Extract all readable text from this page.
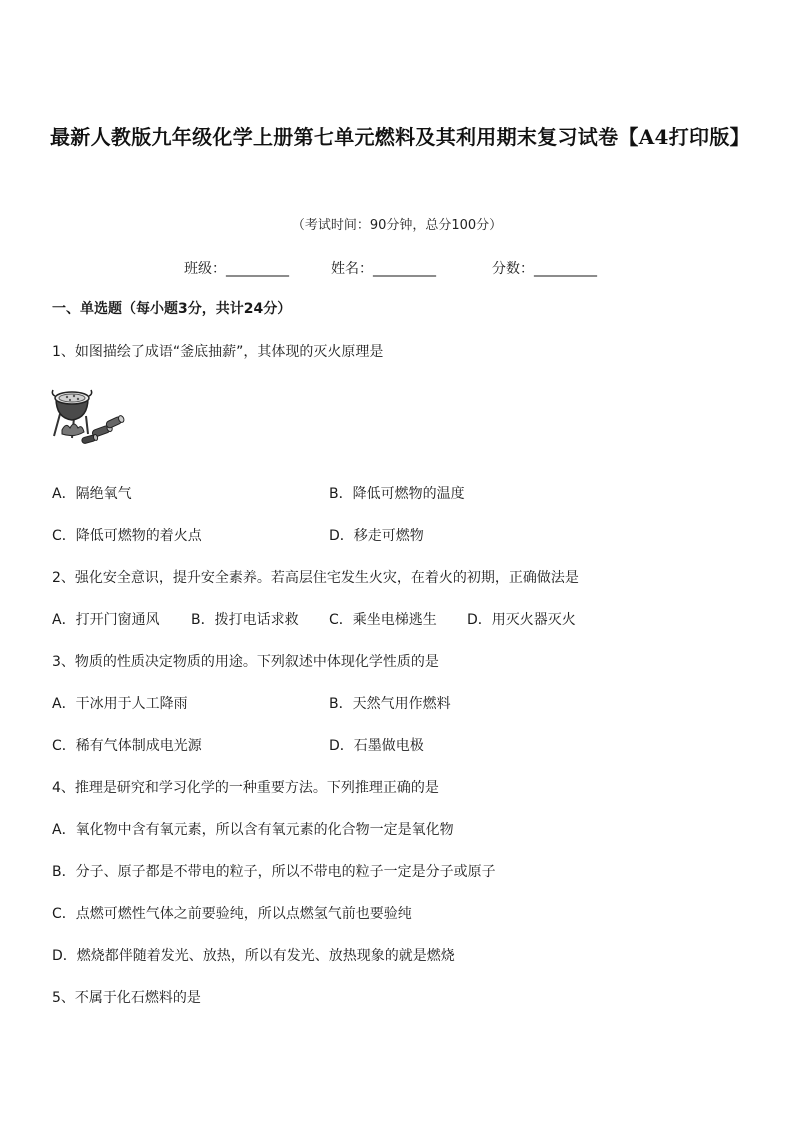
最新人教版九年级化学上册第七单元燃料及其利用期末复习试卷【A4打印版】
（考试时间：90分钟，总分100分）
班级：_________	姓名：_________	分数：_________
一、单选题（每小题3分，共计24分）
1、如图描绘了成语“釜底抽薪”，其体现的灭火原理是
A．隔绝氧气	B．降低可燃物的温度
C．降低可燃物的着火点	D．移走可燃物
2、强化安全意识，提升安全素养。若高层住宅发生火灾，在着火的初期，正确做法是
A．打开门窗通风 B．拨打电话求救 C．乘坐电梯逃生 D．用灭火器灭火
3、物质的性质决定物质的用途。下列叙述中体现化学性质的是
A．干冰用于人工降雨	B．天然气用作燃料
C．稀有气体制成电光源	D．石墨做电极
4、推理是研究和学习化学的一种重要方法。下列推理正确的是
A．氧化物中含有氧元素，所以含有氧元素的化合物一定是氧化物
B．分子、原子都是不带电的粒子，所以不带电的粒子一定是分子或原子
C．点燃可燃性气体之前要验纯，所以点燃氢气前也要验纯
D．燃烧都伴随着发光、放热，所以有发光、放热现象的就是燃烧
5、不属于化石燃料的是
